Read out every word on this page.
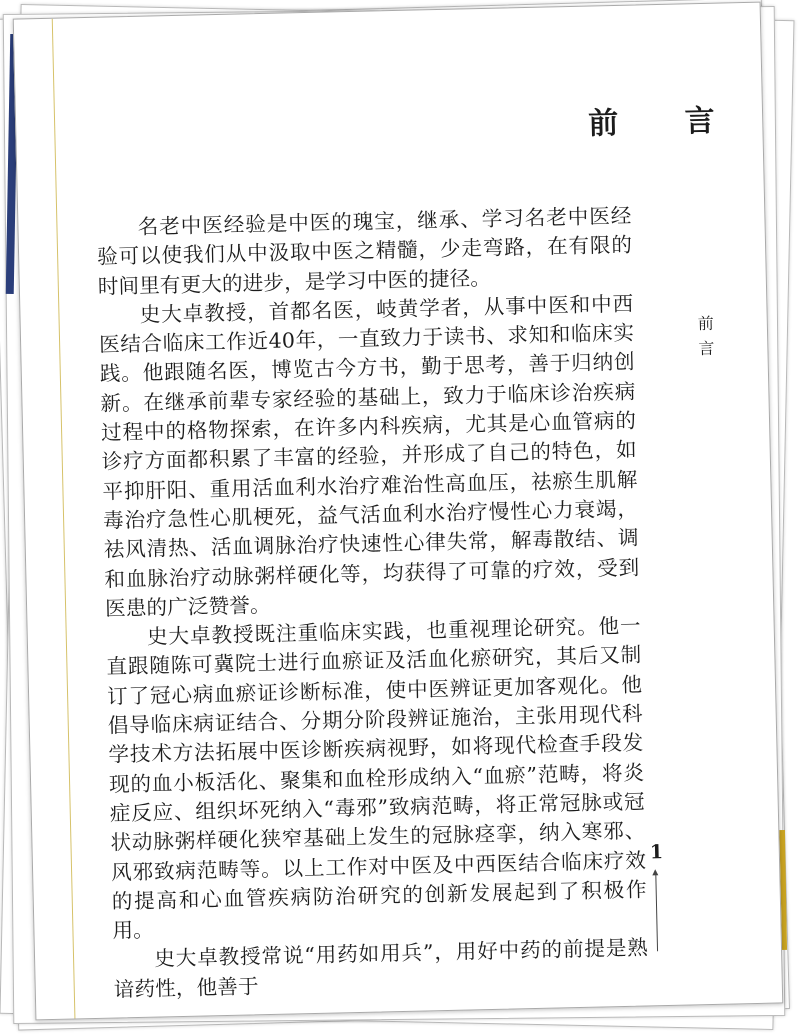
前 言

名老中医经验是中医的瑰宝，继承、学习名老中医经验可以使我们从中汲取中医之精髓，少走弯路，在有限的时间里有更大的进步，是学习中医的捷径。

史大卓教授，首都名医，岐黄学者，从事中医和中西医结合临床工作近40年，一直致力于读书、求知和临床实践。他跟随名医，博览古今方书，勤于思考，善于归纳创新。在继承前辈专家经验的基础上，致力于临床诊治疾病过程中的格物探索，在许多内科疾病，尤其是心血管病的诊疗方面都积累了丰富的经验，并形成了自己的特色，如平抑肝阳、重用活血利水治疗难治性高血压，祛瘀生肌解毒治疗急性心肌梗死，益气活血利水治疗慢性心力衰竭，祛风清热、活血调脉治疗快速性心律失常，解毒散结、调和血脉治疗动脉粥样硬化等，均获得了可靠的疗效，受到医患的广泛赞誉。

史大卓教授既注重临床实践，也重视理论研究。他一直跟随陈可冀院士进行血瘀证及活血化瘀研究，其后又制订了冠心病血瘀证诊断标准，使中医辨证更加客观化。他倡导临床病证结合、分期分阶段辨证施治，主张用现代科学技术方法拓展中医诊断疾病视野，如将现代检查手段发现的血小板活化、聚集和血栓形成纳入“血瘀”范畴，将炎症反应、组织坏死纳入“毒邪”致病范畴，将正常冠脉或冠状动脉粥样硬化狭窄基础上发生的冠脉痉挛，纳入寒邪、风邪致病范畴等。以上工作对中医及中西医结合临床疗效的提高和心血管疾病防治研究的创新发展起到了积极作用。

史大卓教授常说“用药如用兵”，用好中药的前提是熟谙药性，他善于

前
言
1
